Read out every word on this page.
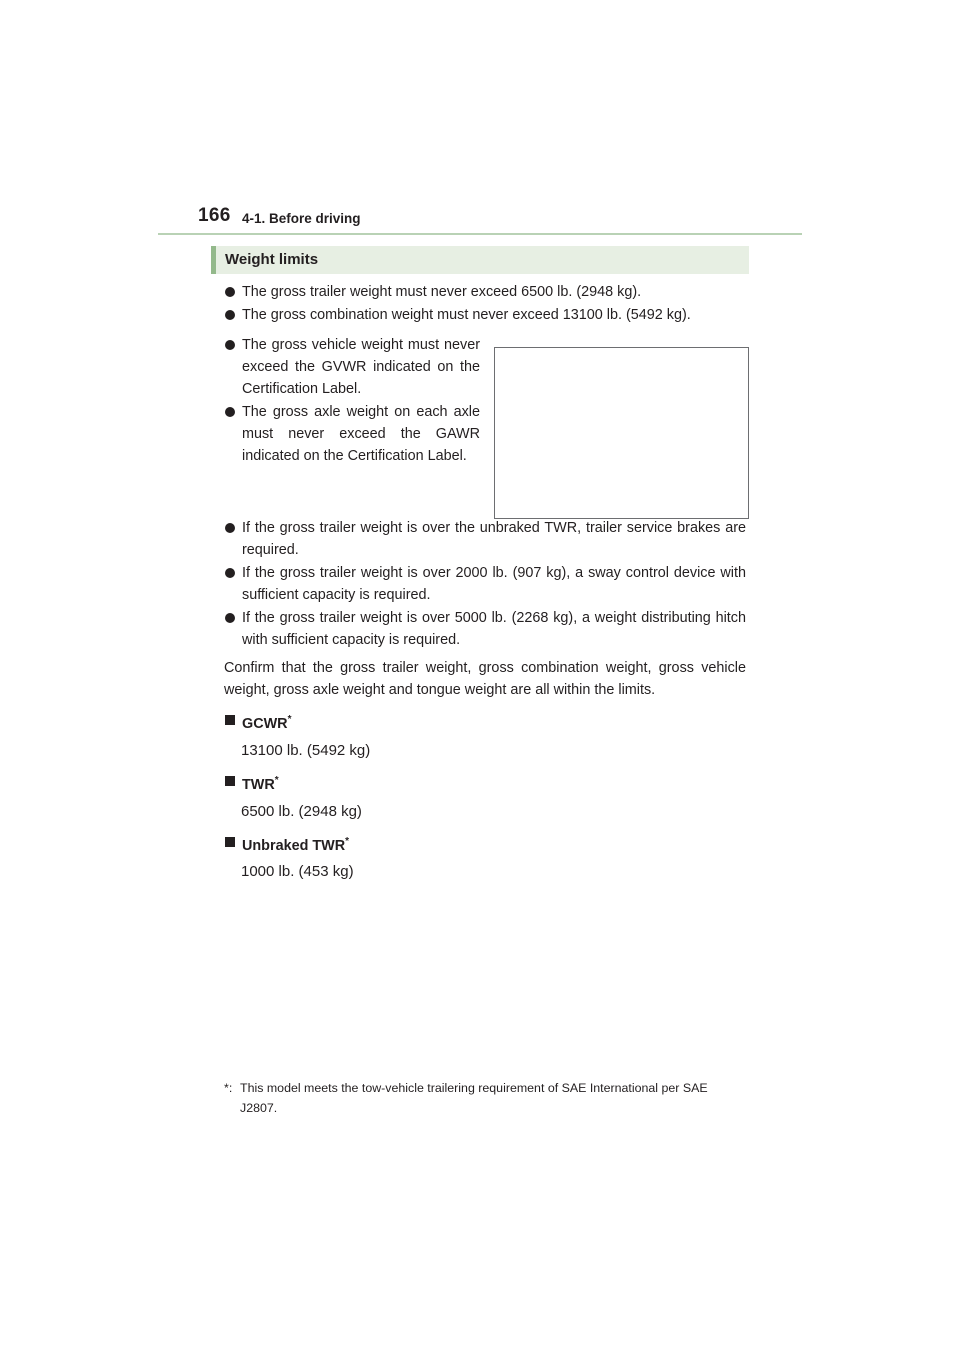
166 4-1. Before driving
Weight limits
The gross trailer weight must never exceed 6500 lb. (2948 kg).
The gross combination weight must never exceed 13100 lb. (5492 kg).
The gross vehicle weight must never exceed the GVWR indicated on the Certification Label.
The gross axle weight on each axle must never exceed the GAWR indicated on the Certification Label.
If the gross trailer weight is over the unbraked TWR, trailer service brakes are required.
If the gross trailer weight is over 2000 lb. (907 kg), a sway control device with sufficient capacity is required.
If the gross trailer weight is over 5000 lb. (2268 kg), a weight distributing hitch with sufficient capacity is required.
Confirm that the gross trailer weight, gross combination weight, gross vehicle weight, gross axle weight and tongue weight are all within the limits.
GCWR*
13100 lb. (5492 kg)
TWR*
6500 lb. (2948 kg)
Unbraked TWR*
1000 lb. (453 kg)
*: This model meets the tow-vehicle trailering requirement of SAE International per SAE J2807.
